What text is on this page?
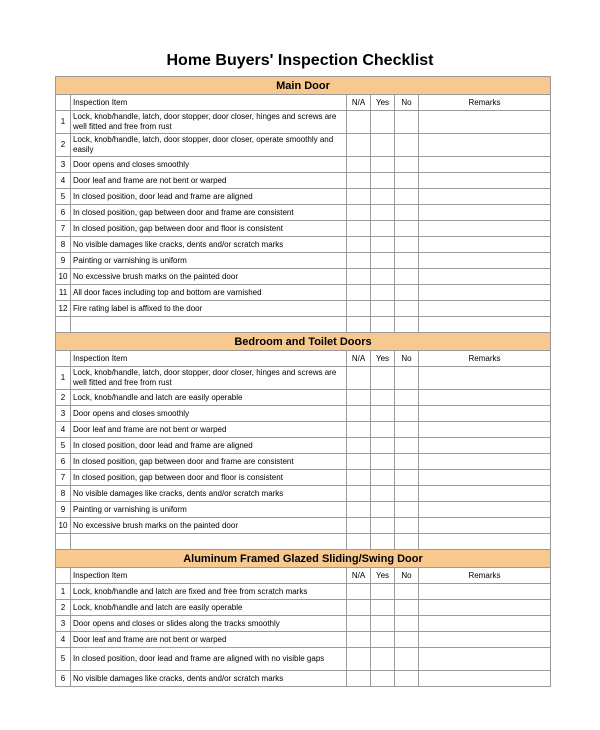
Home Buyers' Inspection Checklist
Main Door					
	Inspection Item	N/A	Yes	No	Remarks
1	Lock, knob/handle, latch, door stopper, door closer, hinges and screws are well fitted and free from rust				
2	Lock, knob/handle, latch, door stopper, door closer, operate smoothly and easily				
3	Door opens and closes smoothly				
4	Door leaf and frame are not bent or warped				
5	In closed position, door lead and frame are aligned				
6	In closed position, gap between door and frame are consistent				
7	In closed position, gap between door and floor is consistent				
8	No visible damages like cracks, dents and/or scratch marks				
9	Painting or varnishing is uniform				
10	No excessive brush marks on the painted door				
11	All door faces including top and bottom are varnished				
12	Fire rating label is affixed to the door				

Bedroom and Toilet Doors					
	Inspection Item	N/A	Yes	No	Remarks
1	Lock, knob/handle, latch, door stopper, door closer, hinges and screws are well fitted and free from rust				
2	Lock, knob/handle and latch are easily operable				
3	Door opens and closes smoothly				
4	Door leaf and frame are not bent or warped				
5	In closed position, door lead and frame are aligned				
6	In closed position, gap between door and frame are consistent				
7	In closed position, gap between door and floor is consistent				
8	No visible damages like cracks, dents and/or scratch marks				
9	Painting or varnishing is uniform				
10	No excessive brush marks on the painted door				

Aluminum Framed Glazed Sliding/Swing Door					
	Inspection Item	N/A	Yes	No	Remarks
1	Lock, knob/handle and latch are fixed and free from scratch marks				
2	Lock, knob/handle and latch are easily operable				
3	Door opens and closes or slides along the tracks smoothly				
4	Door leaf and frame are not bent or warped				
5	In closed position, door lead and frame are aligned with no visible gaps				
6	No visible damages like cracks, dents and/or scratch marks				
